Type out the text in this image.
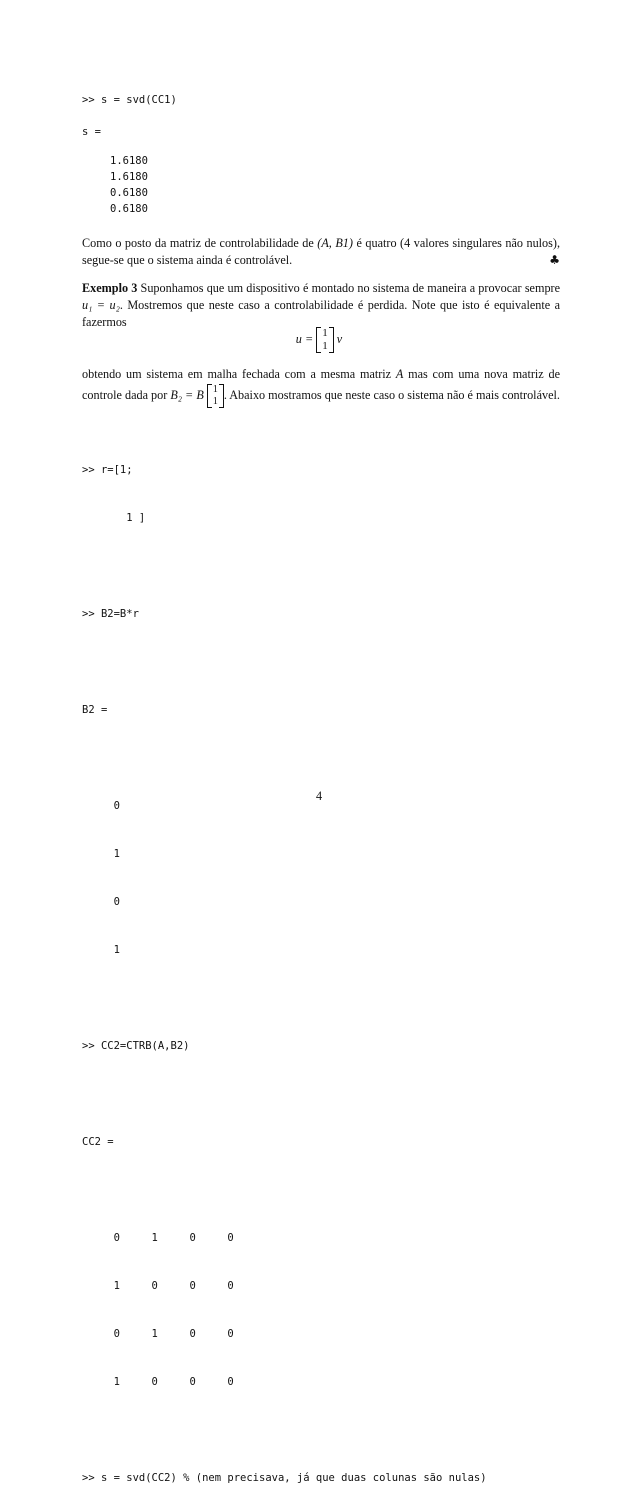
>> s = svd(CC1)
s =
1.6180
1.6180
0.6180
0.6180
Como o posto da matriz de controlabilidade de (A, B1) é quatro (4 valores singulares não nulos), segue-se que o sistema ainda é controlável.	♣
Exemplo 3 Suponhamos que um dispositivo é montado no sistema de maneira a provocar sempre u₁ = u₂. Mostremos que neste caso a controlabilidade é perdida. Note que isto é equivalente a fazermos
u = 1
1 v
obtendo um sistema em malha fechada com a mesma matriz A mas com uma nova matriz de controle dada por B₂ = B 1
1 . Abaixo mostramos que neste caso o sistema não é mais controlável.

>> r=[1;

1 ]

>> B2=B*r

B2 =

0

1

0

1

>> CC2=CTRB(A,B2)

CC2 =

0     1     0     0

1     0     0     0

0     1     0     0

1     0     0     0

>> s = svd(CC2) % (nem precisava, já que duas colunas são nulas)

4
